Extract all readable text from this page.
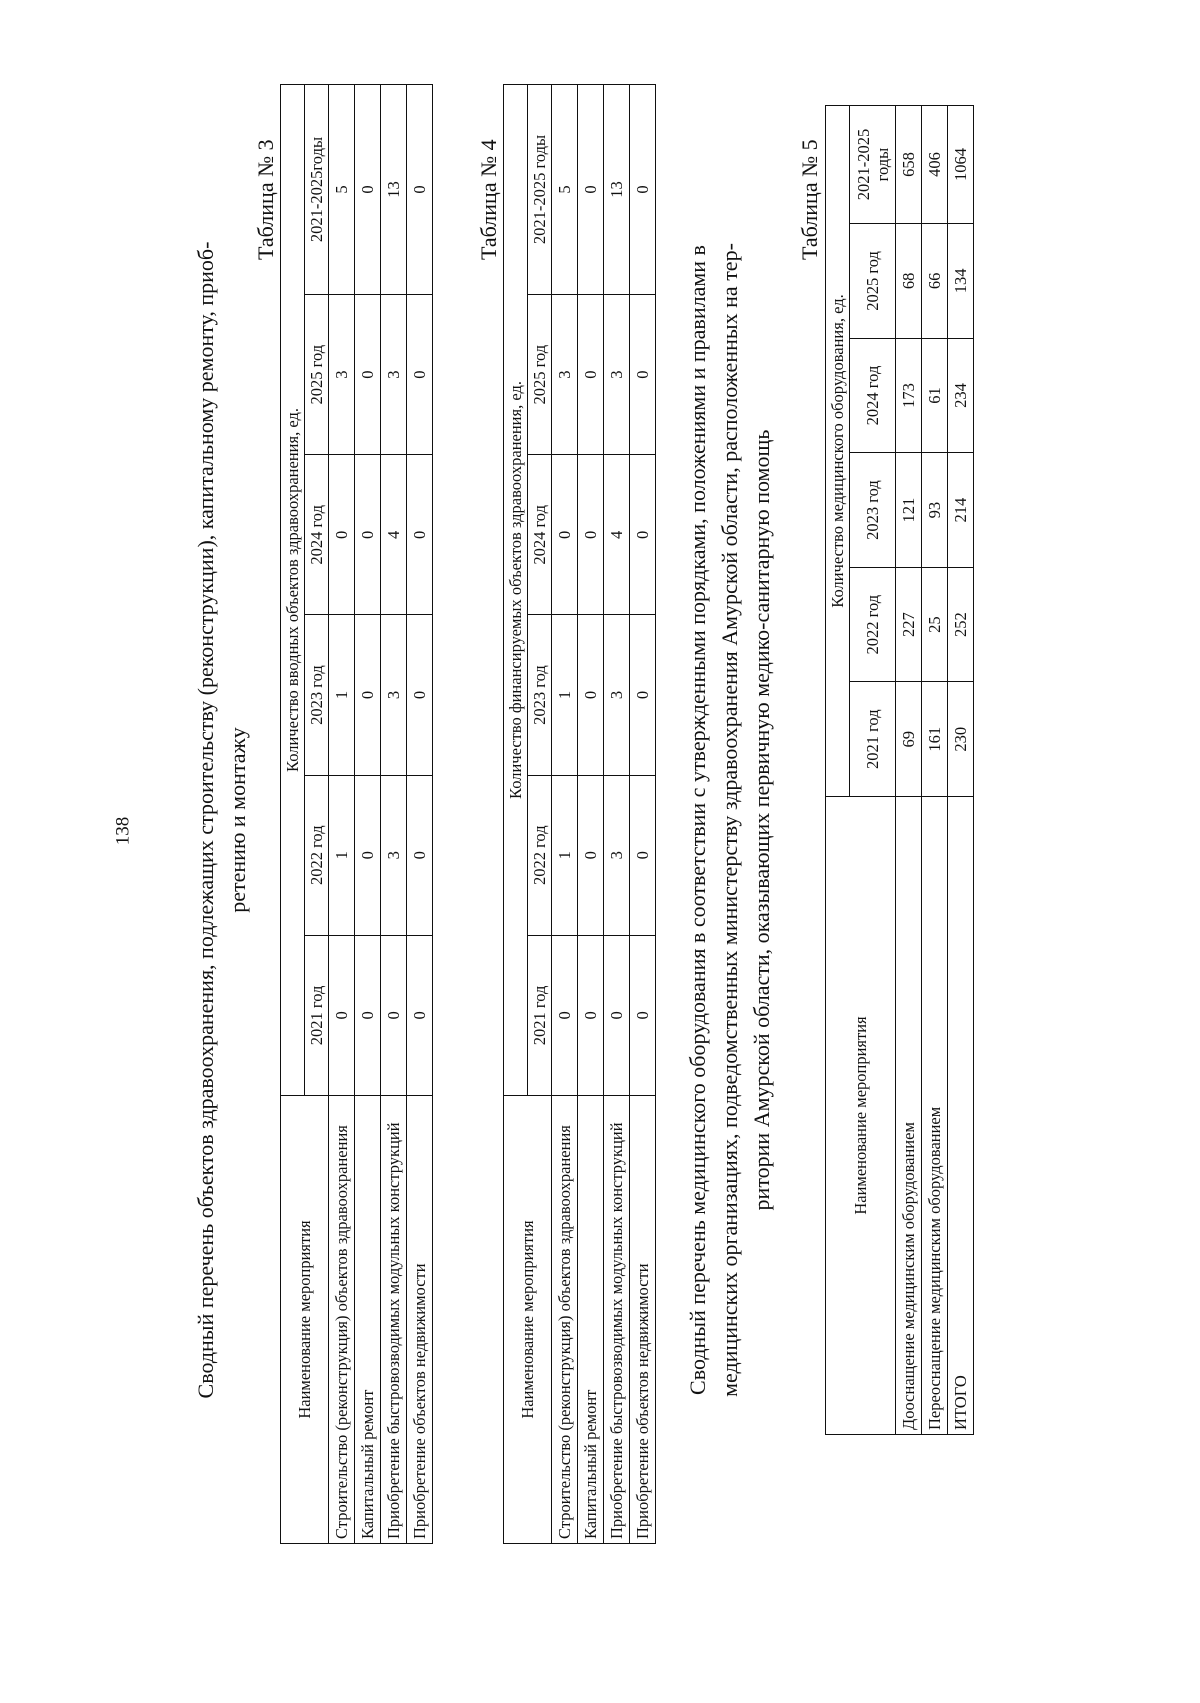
138	Сводный перечень объектов здравоохранения, подлежащих строительству (реконструкции), капитальному ремонту, приоб- ретению и монтажу
Таблица № 3
Наименование мероприятия	Количество вводных объектов здравоохранения, ед.					
	2021 год	2022 год	2023 год	2024 год	2025 год	2021-2025годы
Строительство (реконструкция) объектов здравоохранения	0	1	1	0	3	5
Капитальный ремонт	0	0	0	0	0	0
Приобретение быстровозводимых модульных конструкций	0	3	3	4	3	13
Приобретение объектов недвижимости	0	0	0	0	0	0 Таблица № 4
Наименование мероприятия	Количество финансируемых объектов здравоохранения, ед.					
	2021 год	2022 год	2023 год	2024 год	2025 год	2021-2025 годы
Строительство (реконструкция) объектов здравоохранения	0	1	1	0	3	5
Капитальный ремонт	0	0	0	0	0	0
Приобретение быстровозводимых модульных конструкций	0	3	3	4	3	13
Приобретение объектов недвижимости	0	0	0	0	0	0
Сводный перечень медицинского оборудования в соответствии с утвержденными порядками, положениями и правилами в медицинских организациях, подведомственных министерству здравоохранения Амурской области, расположенных на тер- ритории Амурской области, оказывающих первичную медико-санитарную помощь
Таблица № 5
Наименование мероприятия	Количество медицинского оборудования, ед.					
	2021 год	2022 год	2023 год	2024 год	2025 год	2021-2025 годы
Дооснащение медицинским оборудованием	69	227	121	173	68	658
Переоснащение медицинским оборудованием	161	25	93	61	66	406
ИТОГО	230	252	214	234	134	1064
